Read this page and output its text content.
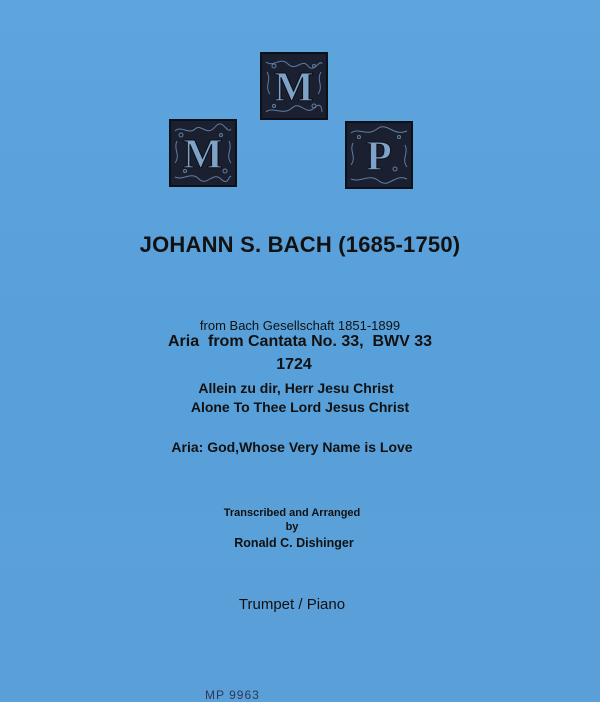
M
M
P
JOHANN S. BACH (1685-1750)
from Bach Gesellschaft 1851-1899
Aria  from Cantata No. 33,  BWV 33
1724
Allein zu dir, Herr Jesu Christ
Alone To Thee Lord Jesus Christ
Aria: God,Whose Very Name is Love
Transcribed and Arranged
by
Ronald C. Dishinger
Trumpet / Piano
MP 9963
